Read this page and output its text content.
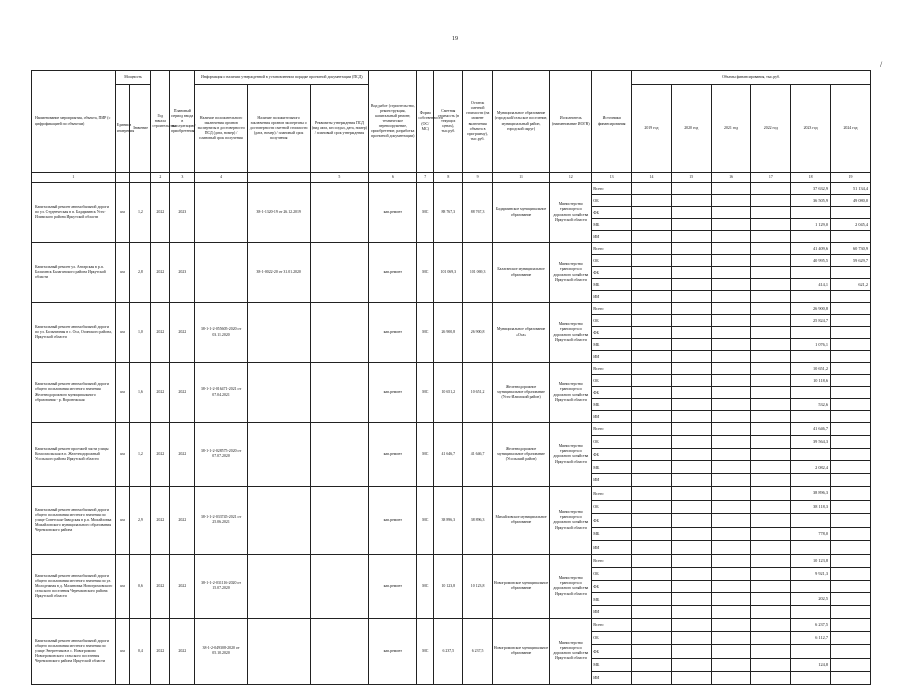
19
/
Наименование мероприятия, объекта, ПИР (с цифрофикацией по объектам)	Мощность		Год начала строительства	Плановый период ввода в эксплуатацию/приобретения	Информация о наличии утвержденной в установленном порядке проектной документации (ПСД)			Вид работ (строительство, реконструкция, капитальный ремонт, техническое перевооружение, приобретение, разработка проектной документации)	Форма собственности (ОС/ МС)	Сметная стоимость (в текущих ценах), тыс.руб.	Остаток сметной стоимости (на момент включения объекта в программу), тыс.руб.	Муниципальное образование (городской/сельское поселение, муниципальный район, городской округ)	Исполнитель (наименование ИОГВ)	Источники финансирования	Объемы финансирования, тыс.руб.					
	Единица измерения	Значение			Наличие положительного заключения органов экспертизы в достоверности ПСД (дата, номер) / плановый срок получения	Наличие положительного заключения органов экспертизы о достоверности сметной стоимости (дата, номер) / плановый срок получения	Реквизиты утверждения ПСД (вид акта, кто издал, дата, номер) / плановый срок утверждения								2019 год	2020 год	2021 год	2022 год	2023 год	2024 год

1			2	3	4		5	6	7	8	9	11	12	13	14	15	16	17	18	19
Капитальный ремонт автомобильной дороги по ул. Студенческая в п. Бадарминск Усть-Илимского района Иркутской области	км	1,2	2022	2023		38-1-1320-19 от 26.12.2019		кап.ремонт	МС	88 767,3	88 767,3	Бадарминское муниципальное образование	Министерство транспорта и дорожного хозяйства Иркутской области	Всего					37 632,9	51 134,4
														ОБ					36 505,9	49 080,0
														ФБ						
														МБ					1 129,0	2 045,4
														ИИ						
Капитальный ремонт ул. Ангарская в р.п. Балаганск Балаганского района Иркутской области	км	2,8	2022	2023		38-1-0022-20 от 31.01.2020		кап.ремонт	МС	101 069,3	101 069,3	Балаганское муниципальное образование	Министерство транспорта и дорожного хозяйства Иркутской области	Всего					41 409,6	60 730,9
														ОБ					40 995,5	59 629,7
														ФБ						
														МБ					414,1	621,2
														ИИ						
Капитальный ремонт автомобильной дороги по ул. Больничная в с. Оса, Осинского района, Иркутской области	км	1,0	2022	2022	38-1-1-2-055605-2020 от 03.11.2020			кап.ремонт	МС	26 900,8	26 900,8	Муниципальное образование «Оса»	Министерство транспорта и дорожного хозяйства Иркутской области	Всего					26 900,8	
														ОБ					25 824,7	
														ФБ						
														МБ					1 076,1	
														ИИ						
Капитальный ремонт автомобильной дороги общего пользования местного значения Железнодорожного муниципального образования - р. Воронежская	км	1,6	2022	2022	38-1-1-2-016471-2021 от 07.04.2021			кап.ремонт	МС	10 651,2	10 651,2	Железнодорожное муниципальное образование (Усть-Илимский район)	Министерство транспорта и дорожного хозяйства Иркутской области	Всего					10 651,2	
														ОБ					10 118,6	
														ФБ						
														МБ					532,6	
														ИИ						
Капитальный ремонт проезжей части улицы Комсомольская в п. Железнодорожный Усольского района Иркутской области	км	1,2	2022	2022	38-1-1-2-028575-2020 от 07.07.2020			кап.ремонт	МС	41 646,7	41 646,7	Железнодорожное муниципальное образование (Усольский район)	Министерство транспорта и дорожного хозяйства Иркутской области	Всего					41 646,7	
														ОБ					39 564,3	
														ФБ						
														МБ					2 082,4	
														ИИ						
Капитальный ремонт автомобильной дороги общего пользования местного значения по улице Советская-Заводская в р.п. Михайловка Михайловского муниципального образования Черемховского района	км	2,9	2022	2022	38-1-1-2-033745-2021 от 25.06.2021			кап.ремонт	МС	38 896,3	38 896,3	Михайловское муниципальное образование	Министерство транспорта и дорожного хозяйства Иркутской области	Всего					38 896,3	
														ОБ					38 118,3	
														ФБ						
														МБ					778,0	
														ИИ						
Капитальный ремонт автомобильной дороги общего пользования местного значения по ул. Молодежная в д. Малиновка Новогромовского сельского поселения Черемховского района Иркутской области	км	0,6	2022	2022	38-1-1-2-031116-2020 от 15.07.2020			кап.ремонт	МС	10 123,8	10 123,8	Новогромовское муниципальное образование	Министерство транспорта и дорожного хозяйства Иркутской области	Всего					10 123,8	
														ОБ					9 921,3	
														ФБ						
														МБ					202,5	
														ИИ						
Капитальный ремонт автомобильной дороги общего пользования местного значения по улице Энергетиков в с. Новогромово Новогромовского сельского поселения Черемховского района Иркутской области	км	0,4	2022	2022	38-1-2-049308-2020 от 05.10.2020			кап.ремонт	МС	6 237,5	6 237,5	Новогромовское муниципальное образование	Министерство транспорта и дорожного хозяйства Иркутской области	Всего					6 237,5	
														ОБ					6 112,7	
														ФБ						
														МБ					124,8	
														ИИ						
